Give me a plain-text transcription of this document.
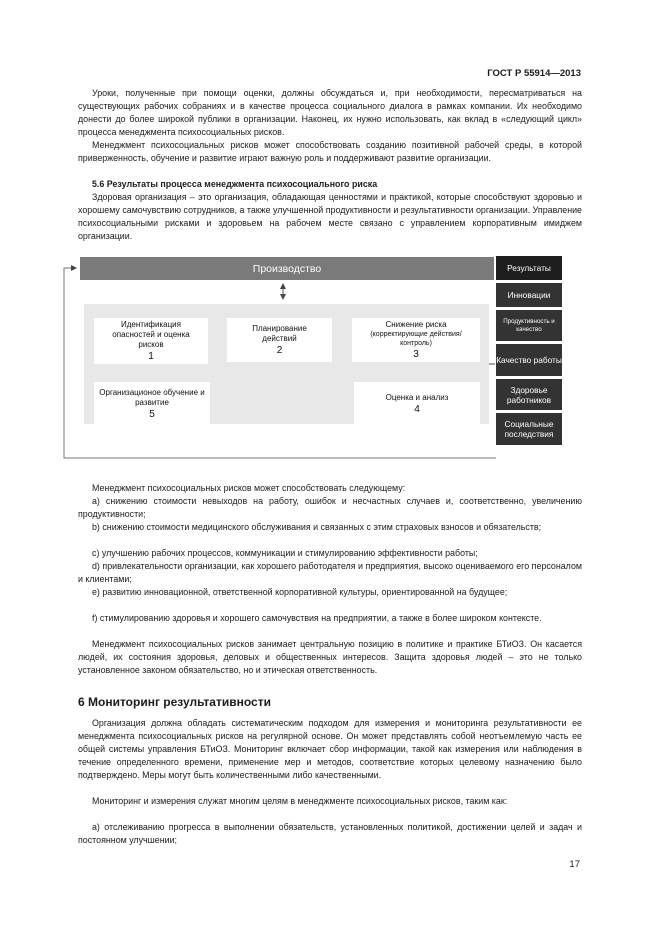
ГОСТ Р 55914—2013

Уроки, полученные при помощи оценки, должны обсуждаться и, при необходимости, пересматриваться на существующих рабочих собраниях и в качестве процесса социального диалога в рамках компании. Их необходимо донести до более широкой публики в организации. Наконец, их нужно использовать, как вклад в «следующий цикл» процесса менеджмента психосоциальных рисков.

Менеджмент психосоциальных рисков может способствовать созданию позитивной рабочей среды, в которой приверженность, обучение и развитие играют важную роль и поддерживают развитие организации.

5.6 Результаты процесса менеджмента психосоциального риска

Здоровая организация – это организация, обладающая ценностями и практикой, которые способствуют здоровью и хорошему самочувствию сотрудников, а также улучшенной продуктивности и результативности организации. Управление психосоциальными рисками и здоровьем на рабочем месте связано с управлением корпоративным имиджем организации.

Производство
Идентификация опасностей и оценка рисков
1
Планирование действий
2
Снижение риска
(корректирующие действия/контроль)
3
Оценка и анализ
4
Организационое обучение и развитие
5
Результаты
Инновации
Продуктивность и качество
Качество работы
Здоровье работников
Социальные последствия

Менеджмент психосоциальных рисков может способствовать следующему:

a) снижению стоимости невыходов на работу, ошибок и несчастных случаев и, соответственно, увеличению продуктивности;

b) снижению стоимости медицинского обслуживания и связанных с этим страховых взносов и обязательств;

c) улучшению рабочих процессов, коммуникации и стимулированию эффективности работы;

d) привлекательности организации, как хорошего работодателя и предприятия, высоко оцениваемого его персоналом и клиентами;

e) развитию инновационной, ответственной корпоративной культуры, ориентированной на будущее;

f) стимулированию здоровья и хорошего самочувствия на предприятии, а также в более широком контексте.

Менеджмент психосоциальных рисков занимает центральную позицию в политике и практике БТиОЗ. Он касается людей, их состояния здоровья, деловых и общественных интересов. Защита здоровья людей – это не только установленное законом обязательство, но и этическая ответственность.

6 Мониторинг результативности

Организация должна обладать систематическим подходом для измерения и мониторинга результативности ее менеджмента психосоциальных рисков на регулярной основе. Он может представлять собой неотъемлемую часть ее общей системы управления БТиОЗ. Мониторинг включает сбор информации, такой как измерения или наблюдения в течение определенного времени, применение мер и методов, соответствие которых целевому назначению было подтверждено. Меры могут быть количественными либо качественными.

Мониторинг и измерения служат многим целям в менеджменте психосоциальных рисков, таким как:

a) отслеживанию прогресса в выполнении обязательств, установленных политикой, достижении целей и задач и постоянном улучшении;

17
